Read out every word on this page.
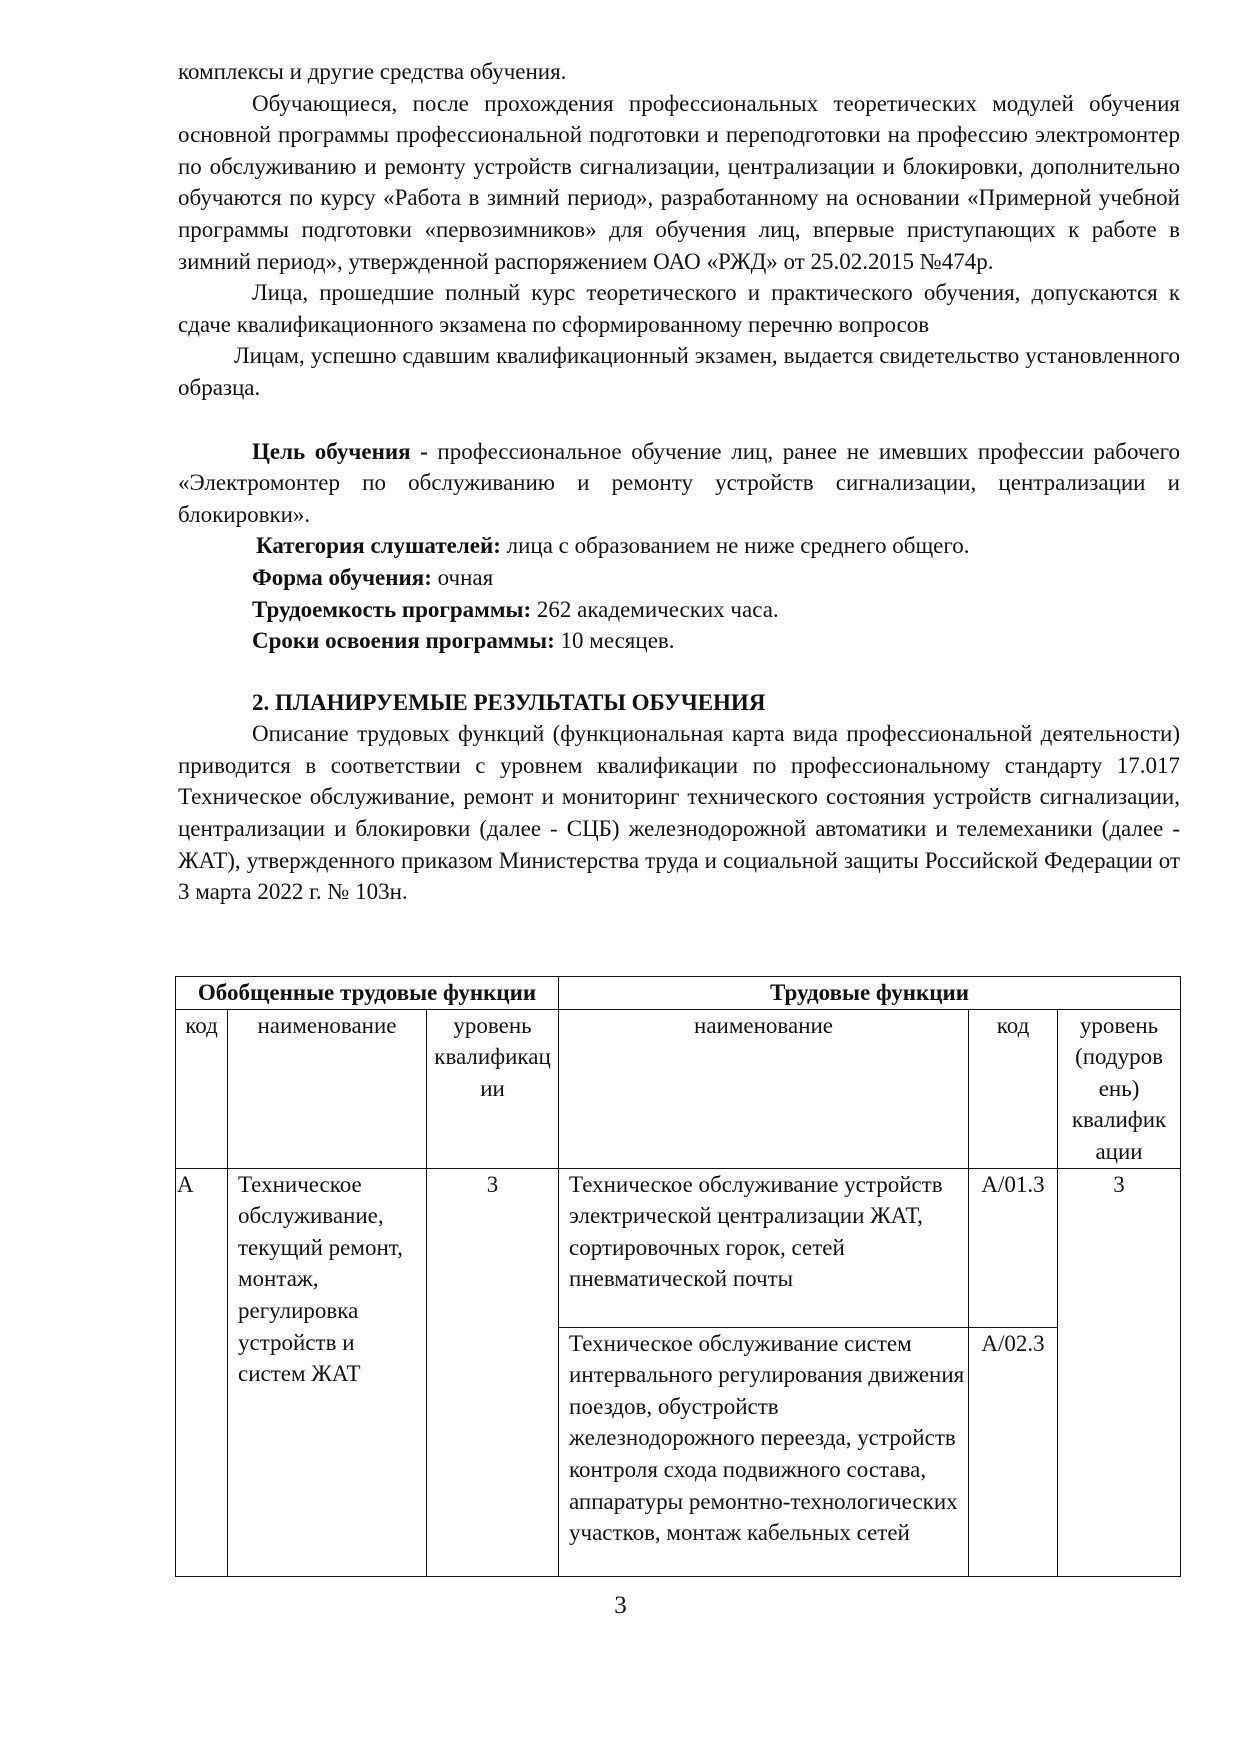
комплексы и другие средства обучения.

Обучающиеся, после прохождения профессиональных теоретических модулей обучения основной программы профессиональной подготовки и переподготовки на профессию электромонтер по обслуживанию и ремонту устройств сигнализации, централизации и блокировки, дополнительно обучаются по курсу «Работа в зимний период», разработанному на основании «Примерной учебной программы подготовки «первозимников» для обучения лиц, впервые приступающих к работе в зимний период», утвержденной распоряжением ОАО «РЖД» от 25.02.2015 №474р.

Лица, прошедшие полный курс теоретического и практического обучения, допускаются к сдаче квалификационного экзамена по сформированному перечню вопросов

Лицам, успешно сдавшим квалификационный экзамен, выдается свидетельство установленного образца.

Цель обучения - профессиональное обучение лиц, ранее не имевших профессии рабочего «Электромонтер по обслуживанию и ремонту устройств сигнализации, централизации и блокировки».

Категория слушателей: лица с образованием не ниже среднего общего.

Форма обучения: очная

Трудоемкость программы: 262 академических часа.

Сроки освоения программы: 10 месяцев.

2. ПЛАНИРУЕМЫЕ РЕЗУЛЬТАТЫ ОБУЧЕНИЯ

Описание трудовых функций (функциональная карта вида профессиональной деятельности) приводится в соответствии с уровнем квалификации по профессиональному стандарту 17.017 Техническое обслуживание, ремонт и мониторинг технического состояния устройств сигнализации, централизации и блокировки (далее - СЦБ) железнодорожной автоматики и телемеханики (далее - ЖАТ), утвержденного приказом Министерства труда и социальной защиты Российской Федерации от 3 марта 2022 г. № 103н.

Обобщенные трудовые функции			Трудовые функции		
код	наименование	уровень квалификац ии	наименование	код	уровень (подуров ень) квалифик ации
А	Техническое обслуживание, текущий ремонт, монтаж, регулировка устройств и систем ЖАТ	3	Техническое обслуживание устройств электрической централизации ЖАТ, сортировочных горок, сетей пневматической почты	А/01.3	3
			Техническое обслуживание систем интервального регулирования движения поездов, обустройств железнодорожного переезда, устройств контроля схода подвижного состава, аппаратуры ремонтно-технологических участков, монтаж кабельных сетей	А/02.3	
3
